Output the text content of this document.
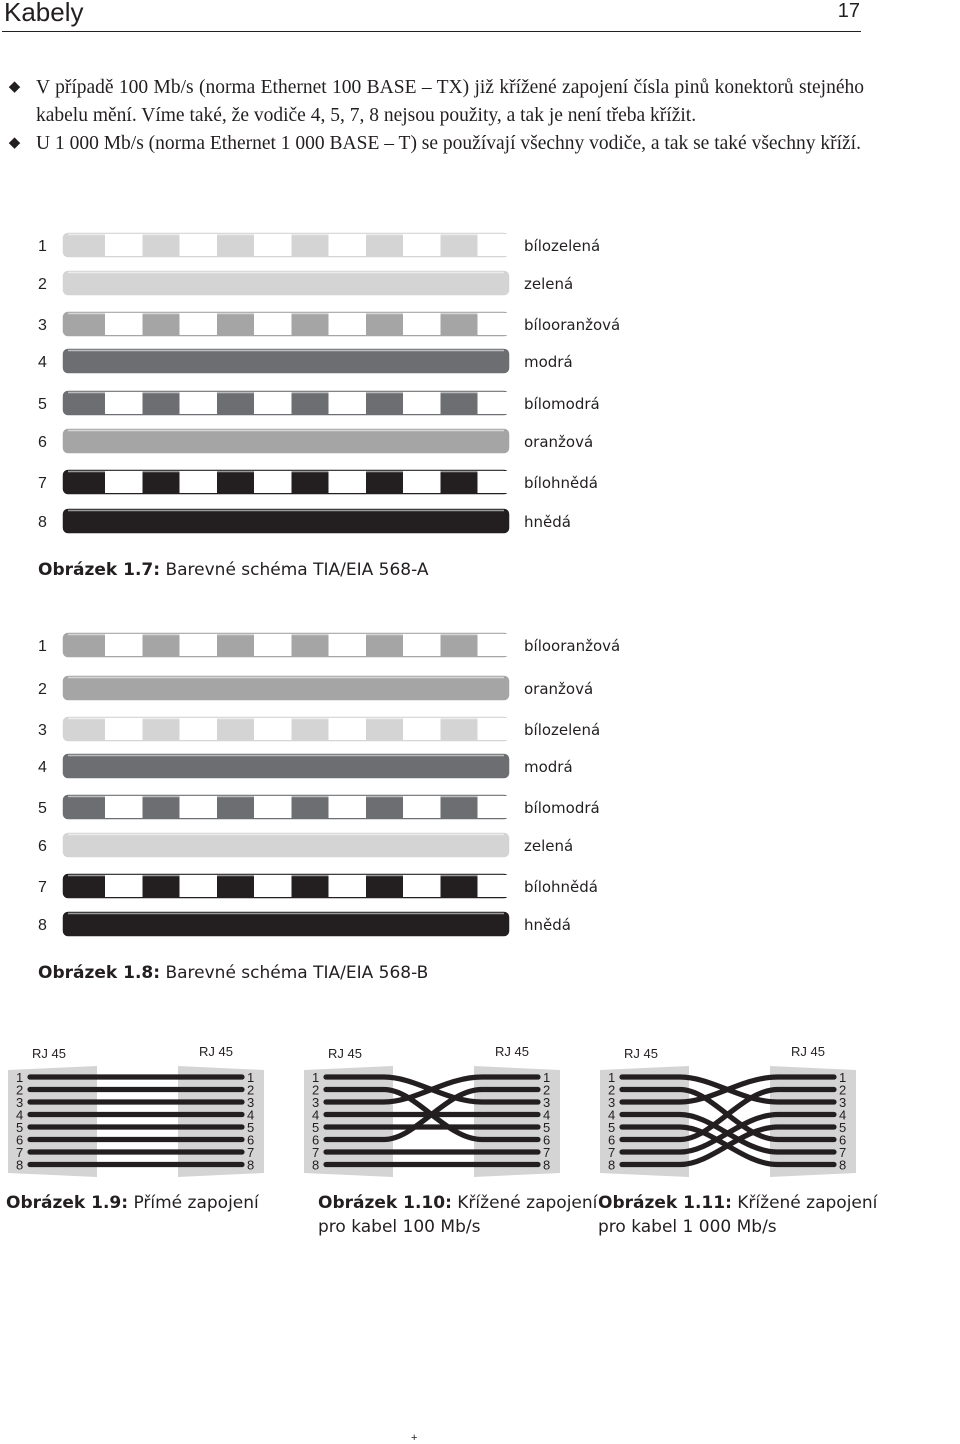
Kabely	17
◆ V případě 100 Mb/s (norma Ethernet 100 BASE – TX) již křížené zapojení čísla pinů konektorů stejného kabelu mění. Víme také, že vodiče 4, 5, 7, 8 nejsou použity, a tak je není třeba křížit.
◆ U 1 000 Mb/s (norma Ethernet 1 000 BASE – T) se používají všechny vodiče, a tak se také všechny kříží.
1	bílozelená
2	zelená
3	bílooranžová
4	modrá
5	bílomodrá
6	oranžová
7	bílohnědá
8	hnědá
Obrázek 1.7: Barevné schéma TIA/EIA 568-A
1	bílooranžová
2	oranžová
3	bílozelená
4	modrá
5	bílomodrá
6	zelená
7	bílohnědá
8	hnědá
Obrázek 1.8: Barevné schéma TIA/EIA 568-B
RJ 45	RJ 45
1	1
2	2
3	3
4	4
5	5
6	6
7	7
8	8
RJ 45	RJ 45
1	1
2	2
3	3
4	4
5	5
6	6
7	7
8	8
RJ 45	RJ 45
1	1
2	2
3	3
4	4
5	5
6	6
7	7
8	8
Obrázek 1.9: Přímé zapojení	Obrázek 1.10: Křížené zapojení
pro kabel 100 Mb/s
Obrázek 1.11: Křížené zapojení
pro kabel 1 000 Mb/s
+
